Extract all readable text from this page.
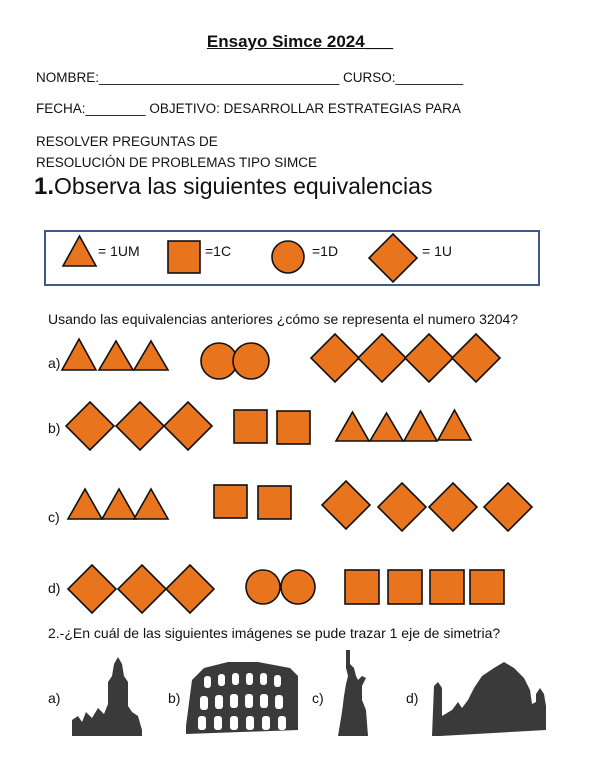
Ensayo Simce 2024___
NOMBRE:________________________________ CURSO:_________
FECHA:________ OBJETIVO: DESARROLLAR ESTRATEGIAS PARA
RESOLVER PREGUNTAS DE
RESOLUCIÓN DE PROBLEMAS TIPO SIMCE
1.Observa las siguientes equivalencias
= 1UM	=1C	=1D	= 1U
Usando las equivalencias anteriores ¿cómo se representa el numero 3204?
a)
b)
c)
d)
2.-¿En cuál de las siguientes imágenes se pude trazar 1 eje de simetria?
a)	b)	c)	d)
